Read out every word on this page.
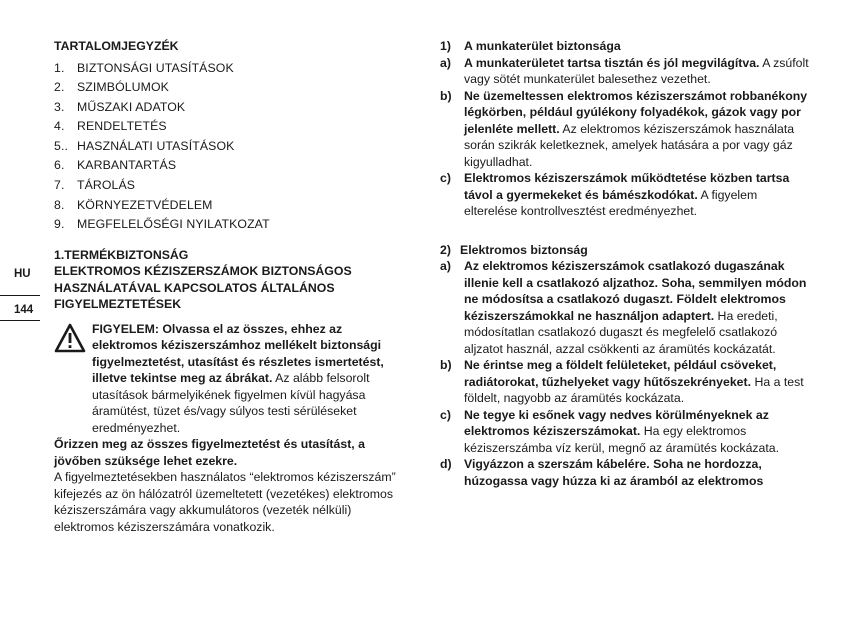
HU
144
TARTALOMJEGYZÉK
1.	BIZTONSÁGI UTASÍTÁSOK
2.	SZIMBÓLUMOK
3.	MŰSZAKI ADATOK
4.	RENDELTETÉS
5.. HASZNÁLATI UTASÍTÁSOK
6.	KARBANTARTÁS
7.	TÁROLÁS
8.	KÖRNYEZETVÉDELEM
9.	MEGFELELŐSÉGI NYILATKOZAT
1.TERMÉKBIZTONSÁG
ELEKTROMOS KÉZISZERSZÁMOK BIZTONSÁGOS HASZNÁLATÁVAL KAPCSOLATOS ÁLTALÁNOS FIGYELMEZTETÉSEK

FIGYELEM: Olvassa el az összes, ehhez az elektromos kéziszerszámhoz mellékelt biztonsági figyelmeztetést, utasítást és részletes ismertetést, illetve tekintse meg az ábrákat. Az alább felsorolt utasítások bármelyikének figyelmen kívül hagyása áramütést, tüzet és/vagy súlyos testi sérüléseket eredményezhet.

Őrizzen meg az összes figyelmeztetést és utasítást, a jövőben szüksége lehet ezekre.

A figyelmeztetésekben használatos “elektromos kéziszerszám” kifejezés az ön hálózatról üzemeltetett (vezetékes) elektromos kéziszerszámára vagy akkumulátoros (vezeték nélküli) elektromos kéziszerszámára vonatkozik.

1)	A munkaterület biztonsága
a)	A munkaterületet tartsa tisztán és jól megvilágítva. A zsúfolt vagy sötét munkaterület balesethez vezethet.

b)	Ne üzemeltessen elektromos kéziszerszámot robbanékony légkörben, például gyúlékony folyadékok, gázok vagy por jelenléte mellett. Az elektromos kéziszerszámok használata során szikrák keletkeznek, amelyek hatására a por vagy gáz kigyulladhat.

c)	Elektromos kéziszerszámok működtetése közben tartsa távol a gyermekeket és bámészkodókat. A figyelem elterelése kontrollvesztést eredményezhet.

2) Elektromos biztonság
a)	Az elektromos kéziszerszámok csatlakozó dugaszának illenie kell a csatlakozó aljzathoz. Soha, semmilyen módon ne módosítsa a csatlakozó dugaszt. Földelt elektromos kéziszerszámokkal ne használjon adaptert. Ha eredeti, módosítatlan csatlakozó dugaszt és megfelelő csatlakozó aljzatot használ, azzal csökkenti az áramütés kockázatát.

b)	Ne érintse meg a földelt felületeket, például csöveket, radiátorokat, tűzhelyeket vagy hűtőszekrényeket. Ha a test földelt, nagyobb az áramütés kockázata.

c)	Ne tegye ki esőnek vagy nedves körülményeknek az elektromos kéziszerszámokat. Ha egy elektromos kéziszerszámba víz kerül, megnő az áramütés kockázata.

d)	Vigyázzon a szerszám kábelére. Soha ne hordozza, húzogassa vagy húzza ki az áramból az elektromos
